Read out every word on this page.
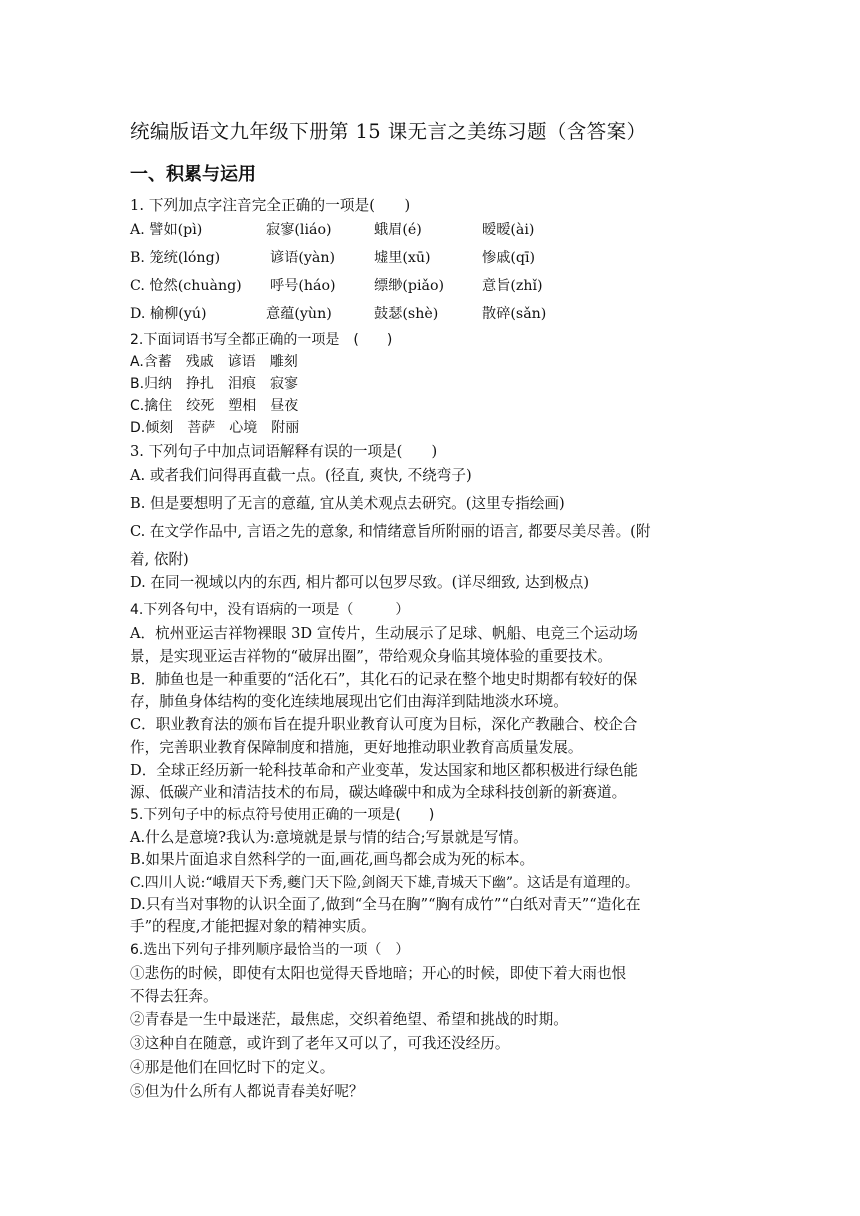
统编版语文九年级下册第 15 课无言之美练习题（含答案）
一、积累与运用
1. 下列加点字注音完全正确的一项是(　　)
A. 譬如(pì)	寂寥(liáo)	蛾眉(é)	暧暧(ài)
B. 笼统(lóng)	谚语(yàn)	墟里(xū)	惨戚(qī)
C. 怆然(chuàng) 呼号(háo)	缥缈(piǎo)	意旨(zhǐ)
D. 榆柳(yú)	意蕴(yùn)	鼓瑟(shè)	散碎(sǎn)
2.下面词语书写全都正确的一项是　(　　)
A.含蓄　残戚　谚语　雕刻
B.归纳　挣扎　泪痕　寂寥
C.擒住　绞死　塑相　昼夜
D.倾刻　菩萨　心境　附丽
3. 下列句子中加点词语解释有误的一项是(　　)
A. 或者我们问得再直截一点。(径直, 爽快, 不绕弯子)
B. 但是要想明了无言的意蕴, 宜从美术观点去研究。(这里专指绘画)
C. 在文学作品中, 言语之先的意象, 和情绪意旨所附丽的语言, 都要尽美尽善。(附
着, 依附)
D. 在同一视域以内的东西, 相片都可以包罗尽致。(详尽细致, 达到极点)
4.下列各句中，没有语病的一项是（　　　）
A．杭州亚运吉祥物裸眼 3D 宣传片，生动展示了足球、帆船、电竞三个运动场
景，是实现亚运吉祥物的“破屏出圈”，带给观众身临其境体验的重要技术。
B．肺鱼也是一种重要的“活化石”，其化石的记录在整个地史时期都有较好的保
存，肺鱼身体结构的变化连续地展现出它们由海洋到陆地淡水环境。
C．职业教育法的颁布旨在提升职业教育认可度为目标，深化产教融合、校企合
作，完善职业教育保障制度和措施，更好地推动职业教育高质量发展。
D．全球正经历新一轮科技革命和产业变革，发达国家和地区都积极进行绿色能
源、低碳产业和清洁技术的布局，碳达峰碳中和成为全球科技创新的新赛道。
5.下列句子中的标点符号使用正确的一项是(　　)
A.什么是意境?我认为:意境就是景与情的结合;写景就是写情。
B.如果片面追求自然科学的一面,画花,画鸟都会成为死的标本。
C.四川人说:“峨眉天下秀,夔门天下险,剑阁天下雄,青城天下幽”。这话是有道理的。
D.只有当对事物的认识全面了,做到“全马在胸”“胸有成竹”“白纸对青天”“造化在
手”的程度,才能把握对象的精神实质。
6.选出下列句子排列顺序最恰当的一项（　）
①悲伤的时候，即使有太阳也觉得天昏地暗；开心的时候，即使下着大雨也恨
不得去狂奔。
②青春是一生中最迷茫，最焦虑，交织着绝望、希望和挑战的时期。
③这种自在随意，或许到了老年又可以了，可我还没经历。
④那是他们在回忆时下的定义。
⑤但为什么所有人都说青春美好呢？
